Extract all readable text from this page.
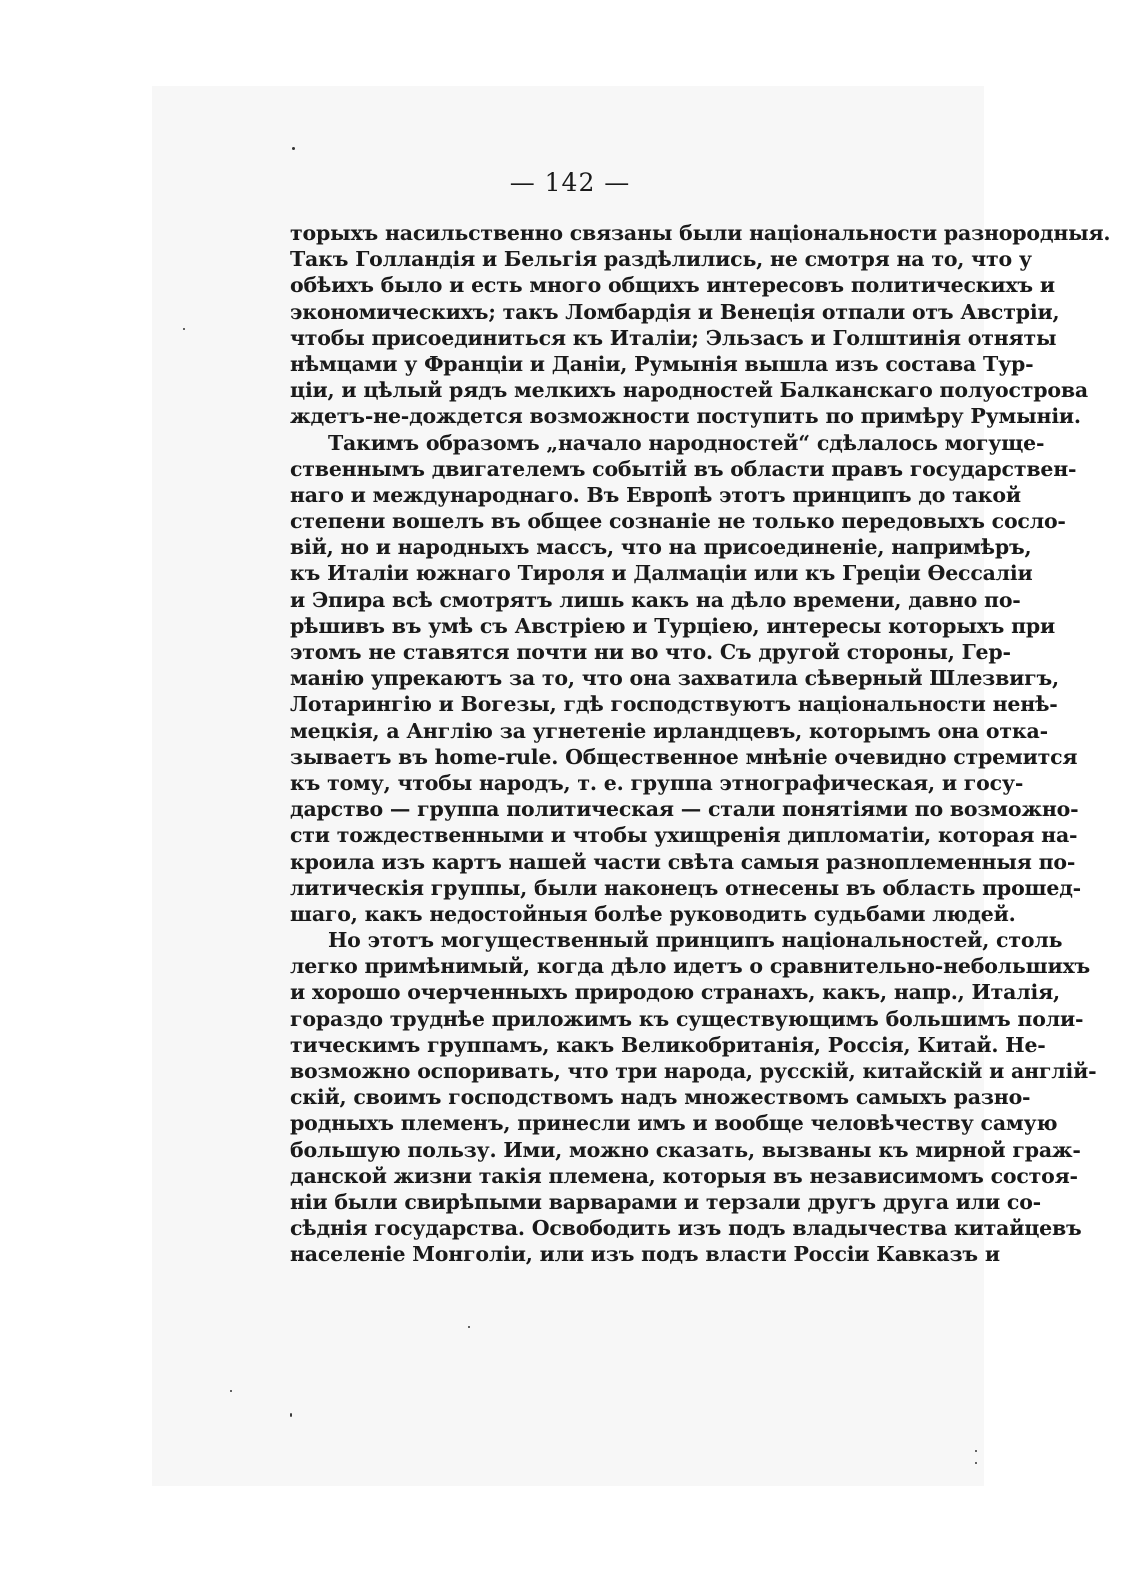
— 142 —
торыхъ насильственно связаны были національности разнородныя.
Такъ Голландія и Бельгія раздѣлились, не смотря на то, что у
обѣихъ было и есть много общихъ интересовъ политическихъ и
экономическихъ; такъ Ломбардія и Венеція отпали отъ Австріи,
чтобы присоединиться къ Италіи; Эльзасъ и Голштинія отняты
нѣмцами у Франціи и Даніи, Румынія вышла изъ состава Тур-
ціи, и цѣлый рядъ мелкихъ народностей Балканскаго полуострова
ждетъ-не-дождется возможности поступить по примѣру Румыніи.
Такимъ образомъ „начало народностей“ сдѣлалось могуще-
ственнымъ двигателемъ событій въ области правъ государствен-
наго и международнаго. Въ Европѣ этотъ принципъ до такой
степени вошелъ въ общее сознаніе не только передовыхъ сосло-
вій, но и народныхъ массъ, что на присоединеніе, напримѣръ,
къ Италіи южнаго Тироля и Далмаціи или къ Греціи Ѳессаліи
и Эпира всѣ смотрятъ лишь какъ на дѣло времени, давно по-
рѣшивъ въ умѣ съ Австріею и Турціею, интересы которыхъ при
этомъ не ставятся почти ни во что. Съ другой стороны, Гер-
манію упрекаютъ за то, что она захватила сѣверный Шлезвигъ,
Лотарингію и Вогезы, гдѣ господствуютъ національности ненѣ-
мецкія, а Англію за угнетеніе ирландцевъ, которымъ она отка-
зываетъ въ home-rule. Общественное мнѣніе очевидно стремится
къ тому, чтобы народъ, т. е. группа этнографическая, и госу-
дарство — группа политическая — стали понятіями по возможно-
сти тождественными и чтобы ухищренія дипломатіи, которая на-
кроила изъ картъ нашей части свѣта самыя разноплеменныя по-
литическія группы, были наконецъ отнесены въ область прошед-
шаго, какъ недостойныя болѣе руководить судьбами людей.
Но этотъ могущественный принципъ національностей, столь
легко примѣнимый, когда дѣло идетъ о сравнительно-небольшихъ
и хорошо очерченныхъ природою странахъ, какъ, напр., Италія,
гораздо труднѣе приложимъ къ существующимъ большимъ поли-
тическимъ группамъ, какъ Великобританія, Россія, Китай. Не-
возможно оспоривать, что три народа, русскій, китайскій и англій-
скій, своимъ господствомъ надъ множествомъ самыхъ разно-
родныхъ племенъ, принесли имъ и вообще человѣчеству самую
большую пользу. Ими, можно сказать, вызваны къ мирной граж-
данской жизни такія племена, которыя въ независимомъ состоя-
ніи были свирѣпыми варварами и терзали другъ друга или со-
сѣднія государства. Освободить изъ подъ владычества китайцевъ
населеніе Монголіи, или изъ подъ власти Россіи Кавказъ и
